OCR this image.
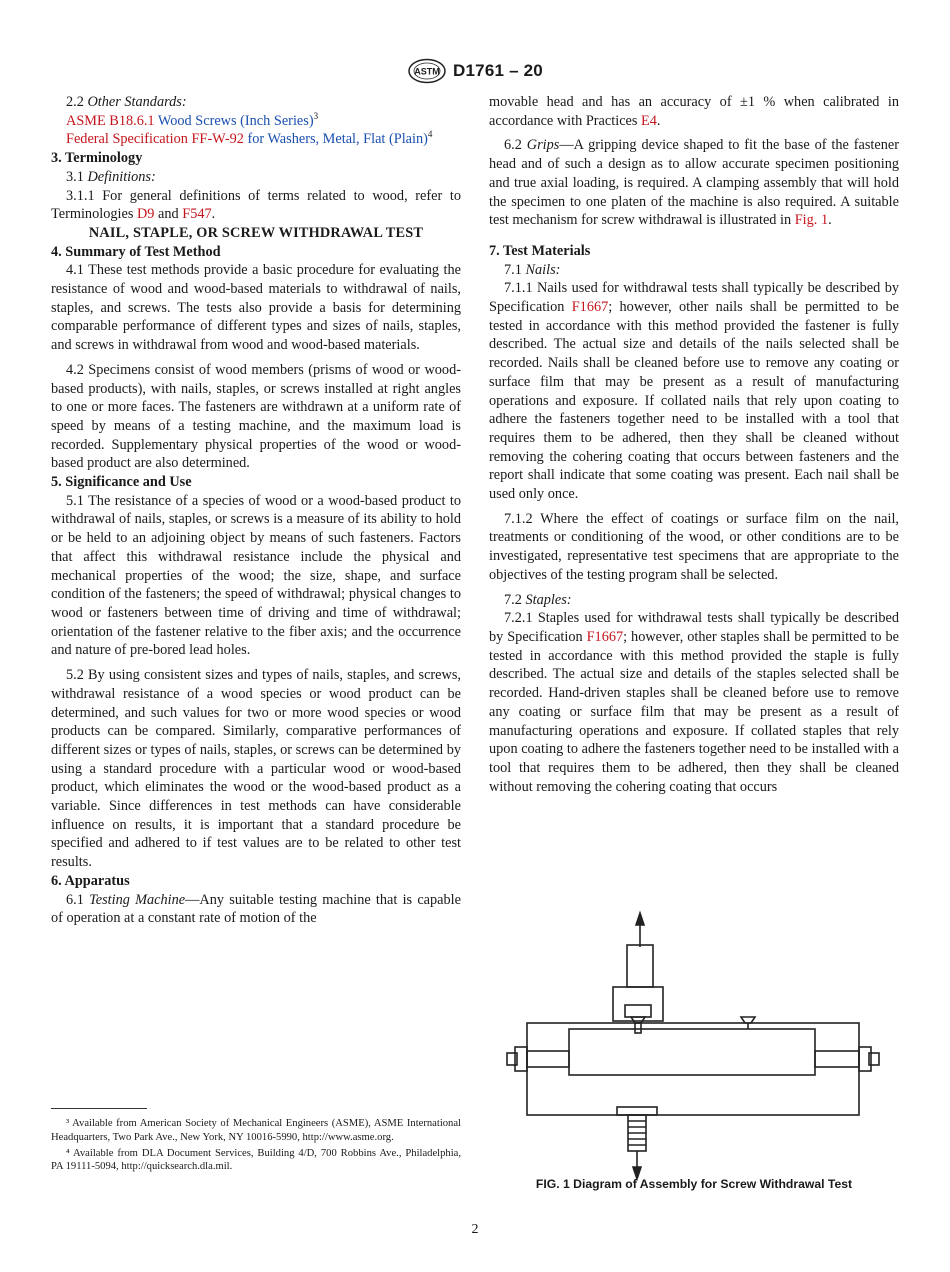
ASTM D1761 – 20

2.2 Other Standards:

ASME B18.6.1 Wood Screws (Inch Series)$^3$

Federal Specification FF-W-92 for Washers, Metal, Flat (Plain)$^4$

3. Terminology

3.1 Definitions:

3.1.1 For general definitions of terms related to wood, refer to Terminologies D9 and F547.

NAIL, STAPLE, OR SCREW WITHDRAWAL TEST

4. Summary of Test Method

4.1 These test methods provide a basic procedure for evaluating the resistance of wood and wood-based materials to withdrawal of nails, staples, and screws. The tests also provide a basis for determining comparable performance of different types and sizes of nails, staples, and screws in withdrawal from wood and wood-based materials.

4.2 Specimens consist of wood members (prisms of wood or wood-based products), with nails, staples, or screws installed at right angles to one or more faces. The fasteners are withdrawn at a uniform rate of speed by means of a testing machine, and the maximum load is recorded. Supplementary physical properties of the wood or wood-based product are also determined.

5. Significance and Use

5.1 The resistance of a species of wood or a wood-based product to withdrawal of nails, staples, or screws is a measure of its ability to hold or be held to an adjoining object by means of such fasteners. Factors that affect this withdrawal resistance include the physical and mechanical properties of the wood; the size, shape, and surface condition of the fasteners; the speed of withdrawal; physical changes to wood or fasteners between time of driving and time of withdrawal; orientation of the fastener relative to the fiber axis; and the occurrence and nature of pre-bored lead holes.

5.2 By using consistent sizes and types of nails, staples, and screws, withdrawal resistance of a wood species or wood product can be determined, and such values for two or more wood species or wood products can be compared. Similarly, comparative performances of different sizes or types of nails, staples, or screws can be determined by using a standard procedure with a particular wood or wood-based product, which eliminates the wood or the wood-based product as a variable. Since differences in test methods can have considerable influence on results, it is important that a standard procedure be specified and adhered to if test values are to be related to other test results.

6. Apparatus

6.1 Testing Machine—Any suitable testing machine that is capable of operation at a constant rate of motion of the

³ Available from American Society of Mechanical Engineers (ASME), ASME International Headquarters, Two Park Ave., New York, NY 10016-5990, http://www.asme.org.

⁴ Available from DLA Document Services, Building 4/D, 700 Robbins Ave., Philadelphia, PA 19111-5094, http://quicksearch.dla.mil.

movable head and has an accuracy of ±1 % when calibrated in accordance with Practices E4.

6.2 Grips—A gripping device shaped to fit the base of the fastener head and of such a design as to allow accurate specimen positioning and true axial loading, is required. A clamping assembly that will hold the specimen to one platen of the machine is also required. A suitable test mechanism for screw withdrawal is illustrated in Fig. 1.

7. Test Materials

7.1 Nails:

7.1.1 Nails used for withdrawal tests shall typically be described by Specification F1667; however, other nails shall be permitted to be tested in accordance with this method provided the fastener is fully described. The actual size and details of the nails selected shall be recorded. Nails shall be cleaned before use to remove any coating or surface film that may be present as a result of manufacturing operations and exposure. If collated nails that rely upon coating to adhere the fasteners together need to be installed with a tool that requires them to be adhered, then they shall be cleaned without removing the cohering coating that occurs between fasteners and the report shall indicate that some coating was present. Each nail shall be used only once.

7.1.2 Where the effect of coatings or surface film on the nail, treatments or conditioning of the wood, or other conditions are to be investigated, representative test specimens that are appropriate to the objectives of the testing program shall be selected.

7.2 Staples:

7.2.1 Staples used for withdrawal tests shall typically be described by Specification F1667; however, other staples shall be permitted to be tested in accordance with this method provided the staple is fully described. The actual size and details of the staples selected shall be recorded. Hand-driven staples shall be cleaned before use to remove any coating or surface film that may be present as a result of manufacturing operations and exposure. If collated staples that rely upon coating to adhere the fasteners together need to be installed with a tool that requires them to be adhered, then they shall be cleaned without removing the cohering coating that occurs

FIG. 1 Diagram of Assembly for Screw Withdrawal Test
2
